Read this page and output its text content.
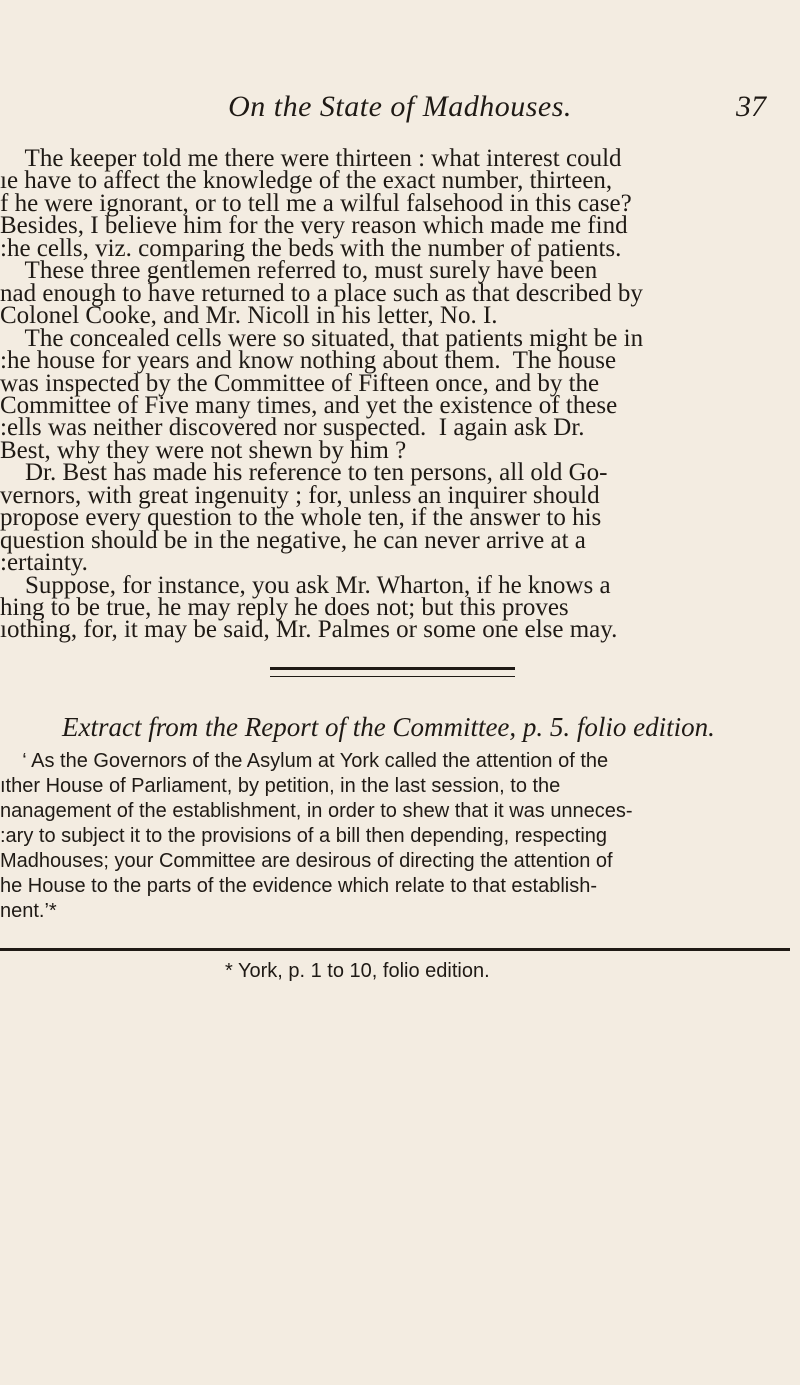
On the State of Madhouses.	37
The keeper told me there were thirteen : what interest could
ıe have to affect the knowledge of the exact number, thirteen,
f he were ignorant, or to tell me a wilful falsehood in this case?
Besides, I believe him for the very reason which made me find
:he cells, viz. comparing the beds with the number of patients.
These three gentlemen referred to, must surely have been
nad enough to have returned to a place such as that described by
Colonel Cooke, and Mr. Nicoll in his letter, No. I.
The concealed cells were so situated, that patients might be in
:he house for years and know nothing about them.  The house
was inspected by the Committee of Fifteen once, and by the
Committee of Five many times, and yet the existence of these
:ells was neither discovered nor suspected.  I again ask Dr.
Best, why they were not shewn by him ?
Dr. Best has made his reference to ten persons, all old Go-
vernors, with great ingenuity ; for, unless an inquirer should
propose every question to the whole ten, if the answer to his
question should be in the negative, he can never arrive at a
:ertainty.
Suppose, for instance, you ask Mr. Wharton, if he knows a
hing to be true, he may reply he does not; but this proves
ıothing, for, it may be said, Mr. Palmes or some one else may.
Extract from the Report of the Committee, p. 5. folio edition.
‘ As the Governors of the Asylum at York called the attention of the
ıther House of Parliament, by petition, in the last session, to the
nanagement of the establishment, in order to shew that it was unneces-
:ary to subject it to the provisions of a bill then depending, respecting
Madhouses; your Committee are desirous of directing the attention of
he House to the parts of the evidence which relate to that establish-
nent.’*
* York, p. 1 to 10, folio edition.
